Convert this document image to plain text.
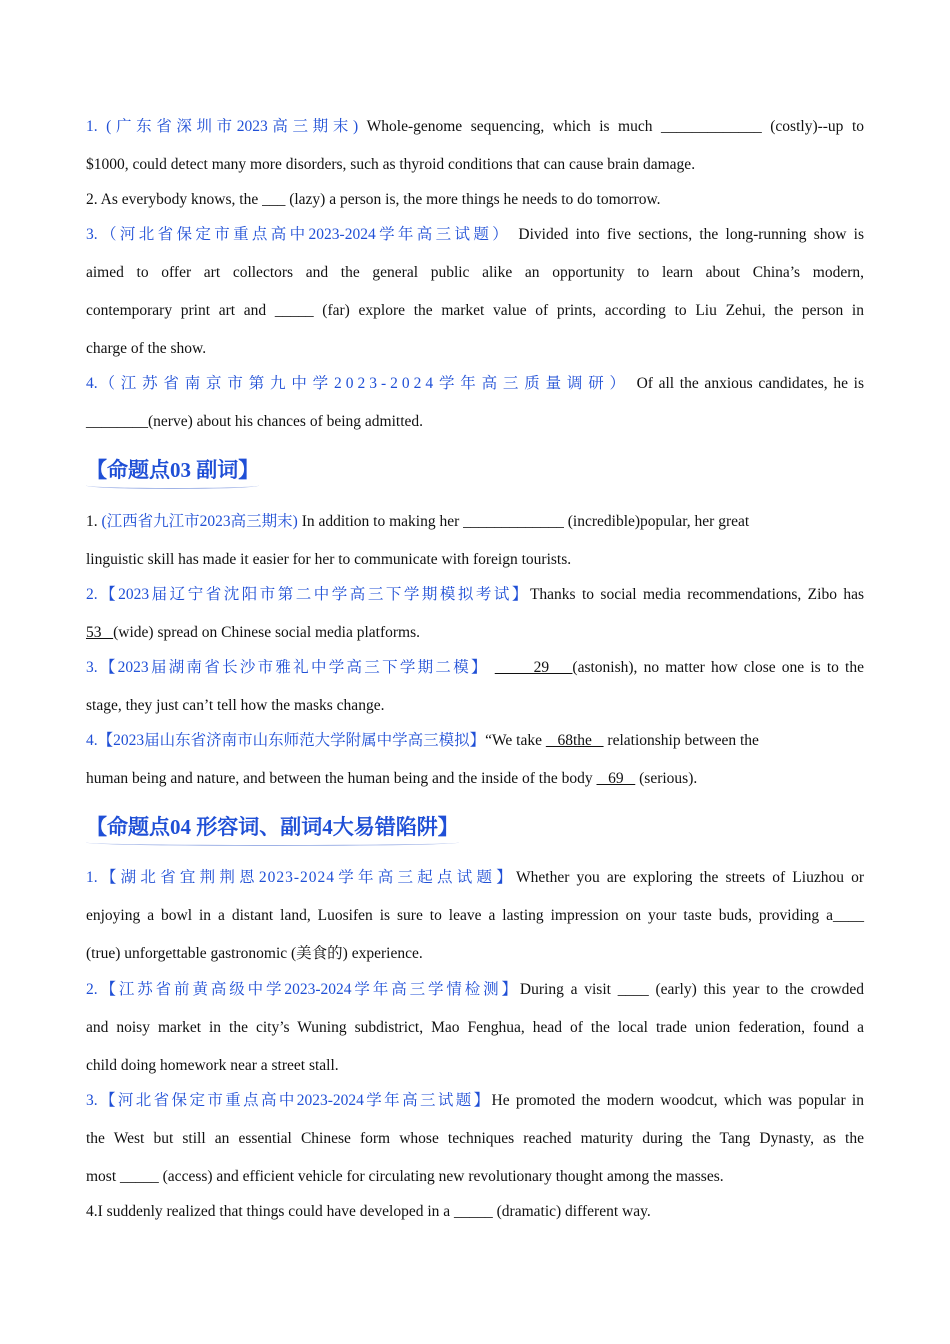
1. (广东省深圳市2023高三期末) Whole-genome sequencing, which is much _____________ (costly)--up to
$1000, could detect many more disorders, such as thyroid conditions that can cause brain damage.
2. As everybody knows, the ___ (lazy) a person is, the more things he needs to do tomorrow.
3.（河北省保定市重点高中2023-2024学年高三试题） Divided into five sections, the long-running show is
aimed to offer art collectors and the general public alike an opportunity to learn about China’s modern,
contemporary print art and _____ (far) explore the market value of prints, according to Liu Zehui, the person in
charge of the show.
4.（江苏省南京市第九中学2023-2024学年高三质量调研） Of all the anxious candidates, he is
________(nerve) about his chances of being admitted.
【命题点03 副词】
1. (江西省九江市2023高三期末) In addition to making her _____________ (incredible)popular, her great
linguistic skill has made it easier for her to communicate with foreign tourists.
2.【2023届辽宁省沈阳市第二中学高三下学期模拟考试】Thanks to social media recommendations, Zibo has
53   (wide) spread on Chinese social media platforms.
3.【2023届湖南省长沙市雅礼中学高三下学期二模】 _____29___(astonish), no matter how close one is to the
stage, they just can’t tell how the masks change.
4.【2023届山东省济南市山东师范大学附属中学高三模拟】“We take    68the    relationship between the
human being and nature, and between the human being and the inside of the body    69    (serious).
【命题点04 形容词、副词4大易错陷阱】
1.【湖北省宜荆荆恩2023-2024学年高三起点试题】Whether you are exploring the streets of Liuzhou or
enjoying a bowl in a distant land, Luosifen is sure to leave a lasting impression on your taste buds, providing a____
(true) unforgettable gastronomic (美食的) experience.
2.【江苏省前黄高级中学2023-2024学年高三学情检测】During a visit ____ (early) this year to the crowded
and noisy market in the city’s Wuning subdistrict, Mao Fenghua, head of the local trade union federation, found a
child doing homework near a street stall.
3.【河北省保定市重点高中2023-2024学年高三试题】He promoted the modern woodcut, which was popular in
the West but still an essential Chinese form whose techniques reached maturity during the Tang Dynasty, as the
most _____ (access) and efficient vehicle for circulating new revolutionary thought among the masses.
4.I suddenly realized that things could have developed in a _____ (dramatic) different way.
